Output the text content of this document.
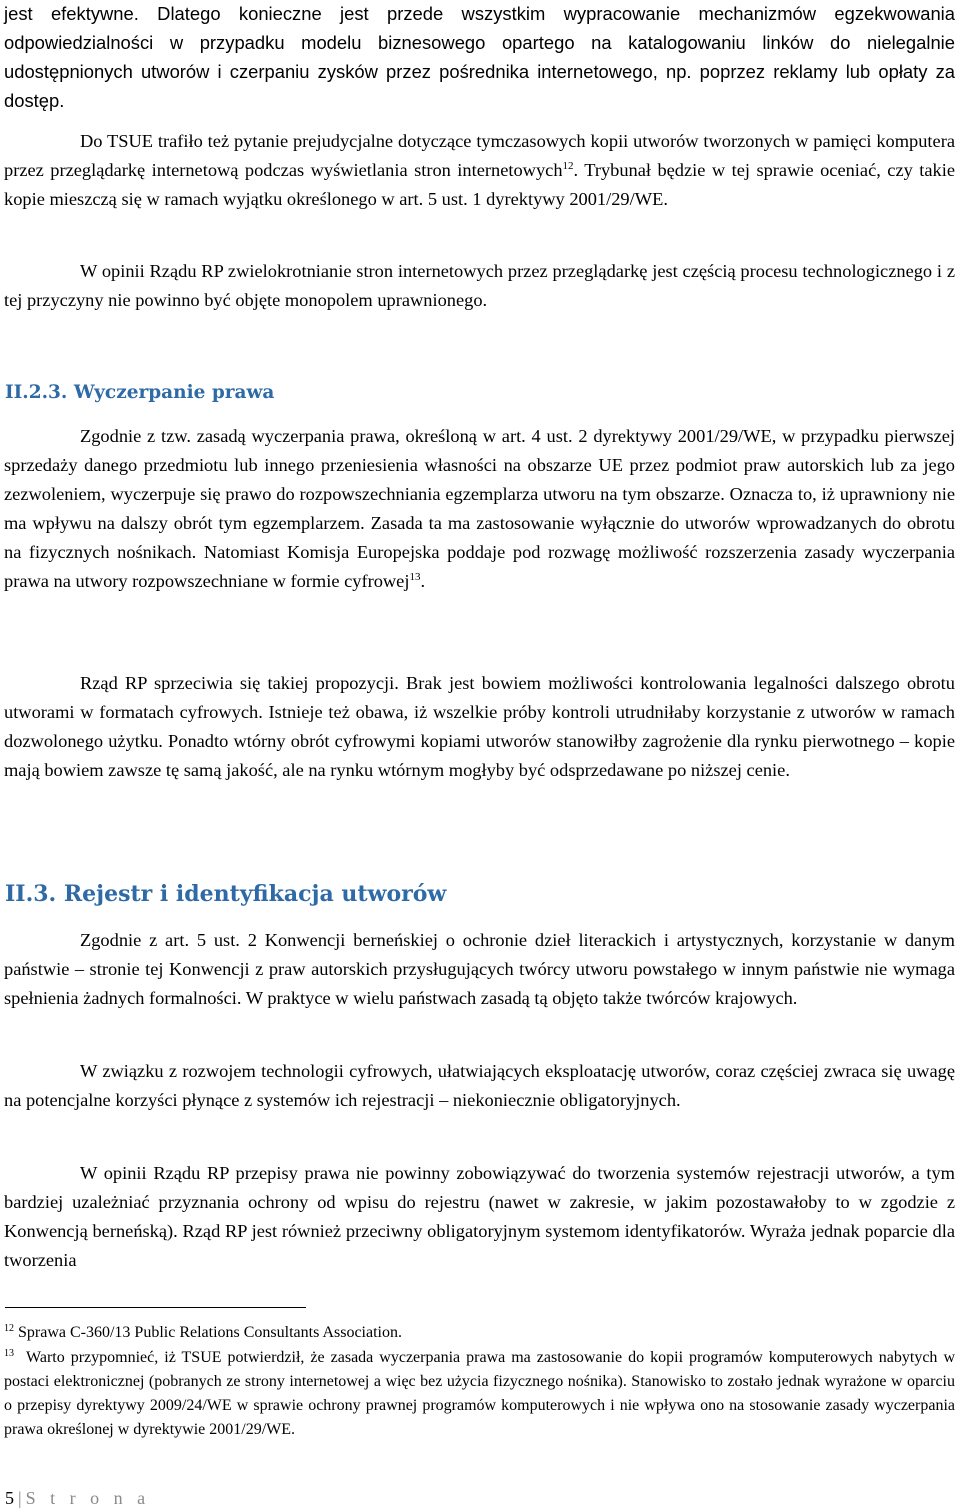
jest efektywne. Dlatego konieczne jest przede wszystkim wypracowanie mechanizmów egzekwowania odpowiedzialności w przypadku modelu biznesowego opartego na katalogowaniu linków do nielegalnie udostępnionych utworów i czerpaniu zysków przez pośrednika internetowego, np. poprzez reklamy lub opłaty za dostęp.

Do TSUE trafiło też pytanie prejudycjalne dotyczące tymczasowych kopii utworów tworzonych w pamięci komputera przez przeglądarkę internetową podczas wyświetlania stron internetowych$^{12}$. Trybunał będzie w tej sprawie oceniać, czy takie kopie mieszczą się w ramach wyjątku określonego w art. 5 ust. 1 dyrektywy 2001/29/WE.

W opinii Rządu RP zwielokrotnianie stron internetowych przez przeglądarkę jest częścią procesu technologicznego i z tej przyczyny nie powinno być objęte monopolem uprawnionego.

II.2.3. Wyczerpanie prawa

Zgodnie z tzw. zasadą wyczerpania prawa, określoną w art. 4 ust. 2 dyrektywy 2001/29/WE, w przypadku pierwszej sprzedaży danego przedmiotu lub innego przeniesienia własności na obszarze UE przez podmiot praw autorskich lub za jego zezwoleniem, wyczerpuje się prawo do rozpowszechniania egzemplarza utworu na tym obszarze. Oznacza to, iż uprawniony nie ma wpływu na dalszy obrót tym egzemplarzem. Zasada ta ma zastosowanie wyłącznie do utworów wprowadzanych do obrotu na fizycznych nośnikach. Natomiast Komisja Europejska poddaje pod rozwagę możliwość rozszerzenia zasady wyczerpania prawa na utwory rozpowszechniane w formie cyfrowej$^{13}$.

Rząd RP sprzeciwia się takiej propozycji. Brak jest bowiem możliwości kontrolowania legalności dalszego obrotu utworami w formatach cyfrowych. Istnieje też obawa, iż wszelkie próby kontroli utrudniłaby korzystanie z utworów w ramach dozwolonego użytku. Ponadto wtórny obrót cyfrowymi kopiami utworów stanowiłby zagrożenie dla rynku pierwotnego – kopie mają bowiem zawsze tę samą jakość, ale na rynku wtórnym mogłyby być odsprzedawane po niższej cenie.

II.3. Rejestr i identyfikacja utworów

Zgodnie z art. 5 ust. 2 Konwencji berneńskiej o ochronie dzieł literackich i artystycznych, korzystanie w danym państwie – stronie tej Konwencji z praw autorskich przysługujących twórcy utworu powstałego w innym państwie nie wymaga spełnienia żadnych formalności. W praktyce w wielu państwach zasadą tą objęto także twórców krajowych.

W związku z rozwojem technologii cyfrowych, ułatwiających eksploatację utworów, coraz częściej zwraca się uwagę na potencjalne korzyści płynące z systemów ich rejestracji – niekoniecznie obligatoryjnych.

W opinii Rządu RP przepisy prawa nie powinny zobowiązywać do tworzenia systemów rejestracji utworów, a tym bardziej uzależniać przyznania ochrony od wpisu do rejestru (nawet w zakresie, w jakim pozostawałoby to w zgodzie z Konwencją berneńską). Rząd RP jest również przeciwny obligatoryjnym systemom identyfikatorów. Wyraża jednak poparcie dla tworzenia

$^{12}$ Sprawa C-360/13 Public Relations Consultants Association.

$^{13}$ Warto przypomnieć, iż TSUE potwierdził, że zasada wyczerpania prawa ma zastosowanie do kopii programów komputerowych nabytych w postaci elektronicznej (pobranych ze strony internetowej a więc bez użycia fizycznego nośnika). Stanowisko to zostało jednak wyrażone w oparciu o przepisy dyrektywy 2009/24/WE w sprawie ochrony prawnej programów komputerowych i nie wpływa ono na stosowanie zasady wyczerpania prawa określonej w dyrektywie 2001/29/WE.

5 | S t r o n a
